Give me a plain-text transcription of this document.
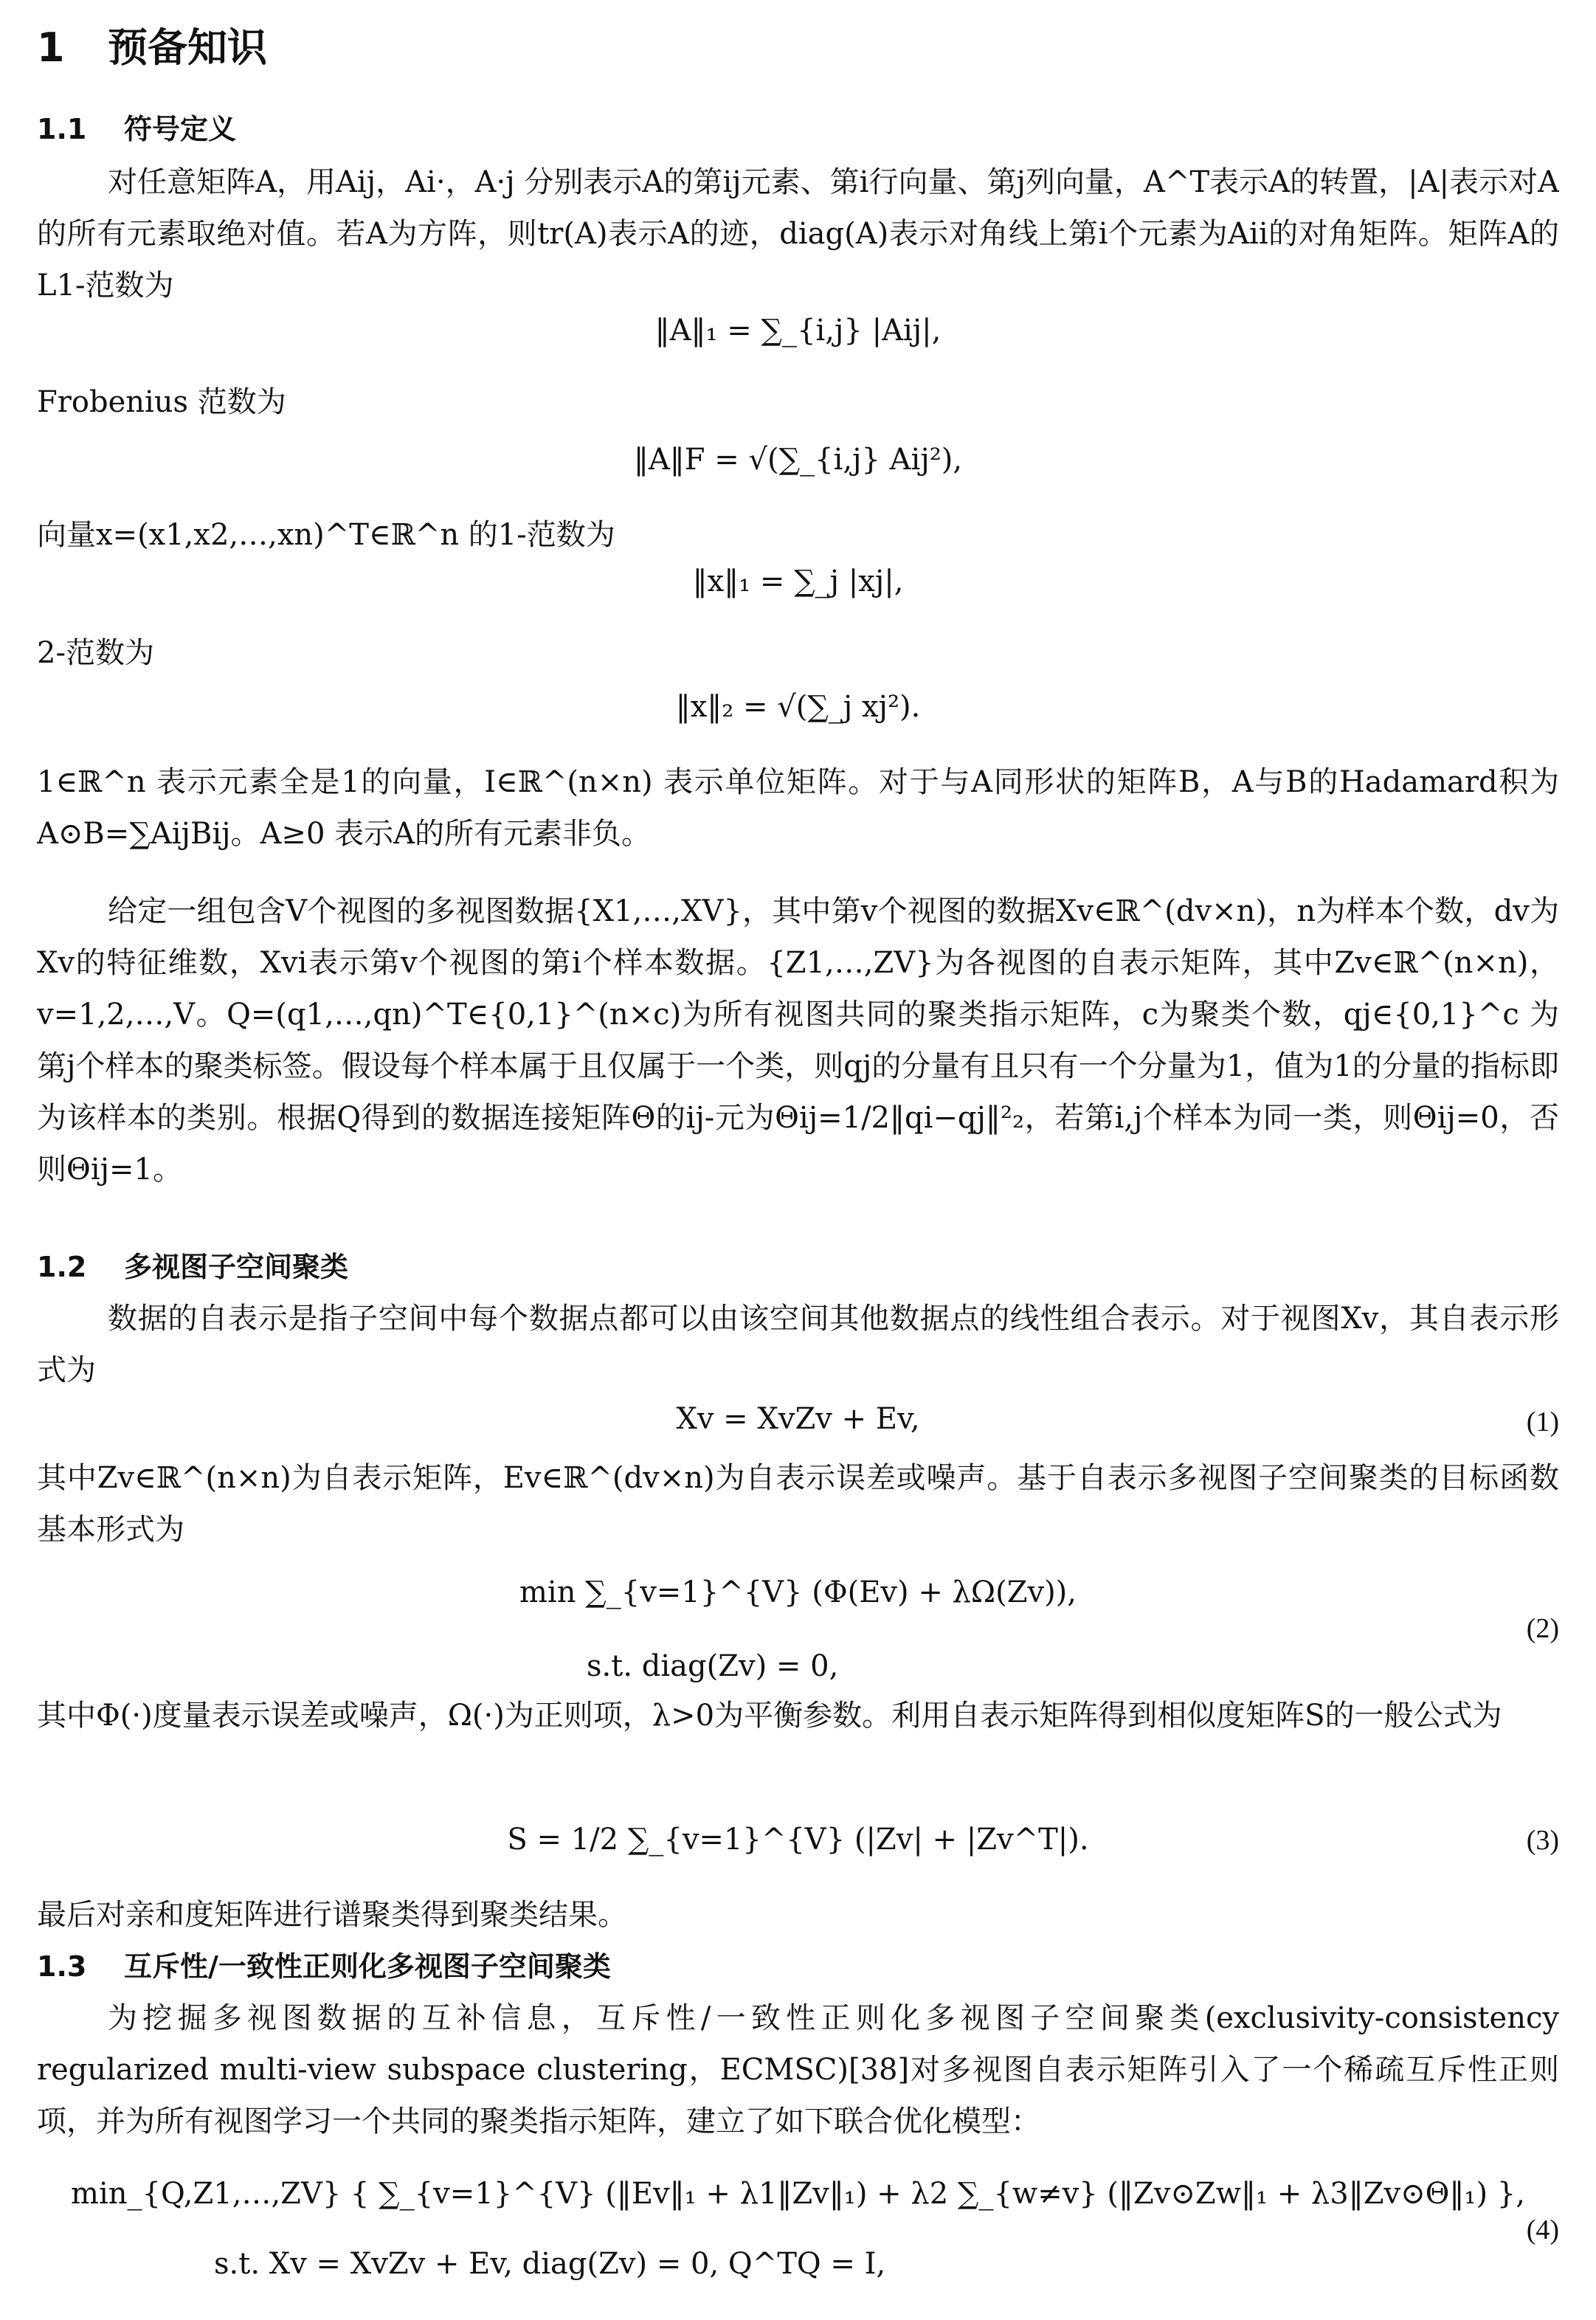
1 预备知识
1.1 符号定义
对任意矩阵A，用Aij，Ai·，A·j 分别表示A的第ij元素、第i行向量、第j列向量，A^T表示A的转置，|A|表示对A的所有元素取绝对值。若A为方阵，则tr(A)表示A的迹，diag(A)表示对角线上第i个元素为Aii的对角矩阵。矩阵A的L1-范数为
‖A‖₁ = ∑_{i,j} |Aij|,
Frobenius 范数为
‖A‖F = √(∑_{i,j} Aij²),
向量x=(x1,x2,…,xn)^T∈ℝ^n 的1-范数为
‖x‖₁ = ∑_j |xj|,
2-范数为
‖x‖₂ = √(∑_j xj²).
1∈ℝ^n 表示元素全是1的向量，I∈ℝ^(n×n) 表示单位矩阵。对于与A同形状的矩阵B，A与B的Hadamard积为A⊙B=∑AijBij。A≥0 表示A的所有元素非负。
给定一组包含V个视图的多视图数据{X1,…,XV}，其中第v个视图的数据Xv∈ℝ^(dv×n)，n为样本个数，dv为Xv的特征维数，Xvi表示第v个视图的第i个样本数据。{Z1,…,ZV}为各视图的自表示矩阵，其中Zv∈ℝ^(n×n)，v=1,2,…,V。Q=(q1,…,qn)^T∈{0,1}^(n×c)为所有视图共同的聚类指示矩阵，c为聚类个数，qj∈{0,1}^c 为第j个样本的聚类标签。假设每个样本属于且仅属于一个类，则qj的分量有且只有一个分量为1，值为1的分量的指标即为该样本的类别。根据Q得到的数据连接矩阵Θ的ij-元为Θij=1/2‖qi−qj‖²₂，若第i,j个样本为同一类，则Θij=0，否则Θij=1。
1.2 多视图子空间聚类
数据的自表示是指子空间中每个数据点都可以由该空间其他数据点的线性组合表示。对于视图Xv，其自表示形式为
Xv = XvZv + Ev,	(1)
其中Zv∈ℝ^(n×n)为自表示矩阵，Ev∈ℝ^(dv×n)为自表示误差或噪声。基于自表示多视图子空间聚类的目标函数基本形式为
min ∑_{v=1}^{V} (Φ(Ev) + λΩ(Zv)),
s.t. diag(Zv) = 0,
(2)
其中Φ(·)度量表示误差或噪声，Ω(·)为正则项，λ>0为平衡参数。利用自表示矩阵得到相似度矩阵S的一般公式为
S = 1/2 ∑_{v=1}^{V} (|Zv| + |Zv^T|).	(3)
最后对亲和度矩阵进行谱聚类得到聚类结果。
1.3 互斥性/一致性正则化多视图子空间聚类
为挖掘多视图数据的互补信息，互斥性/一致性正则化多视图子空间聚类(exclusivity-consistency regularized multi-view subspace clustering，ECMSC)[38]对多视图自表示矩阵引入了一个稀疏互斥性正则项，并为所有视图学习一个共同的聚类指示矩阵，建立了如下联合优化模型：
min_{Q,Z1,…,ZV} { ∑_{v=1}^{V} (‖Ev‖₁ + λ1‖Zv‖₁) + λ2 ∑_{w≠v} (‖Zv⊙Zw‖₁ + λ3‖Zv⊙Θ‖₁) },
s.t. Xv = XvZv + Ev, diag(Zv) = 0, Q^TQ = I,
(4)
